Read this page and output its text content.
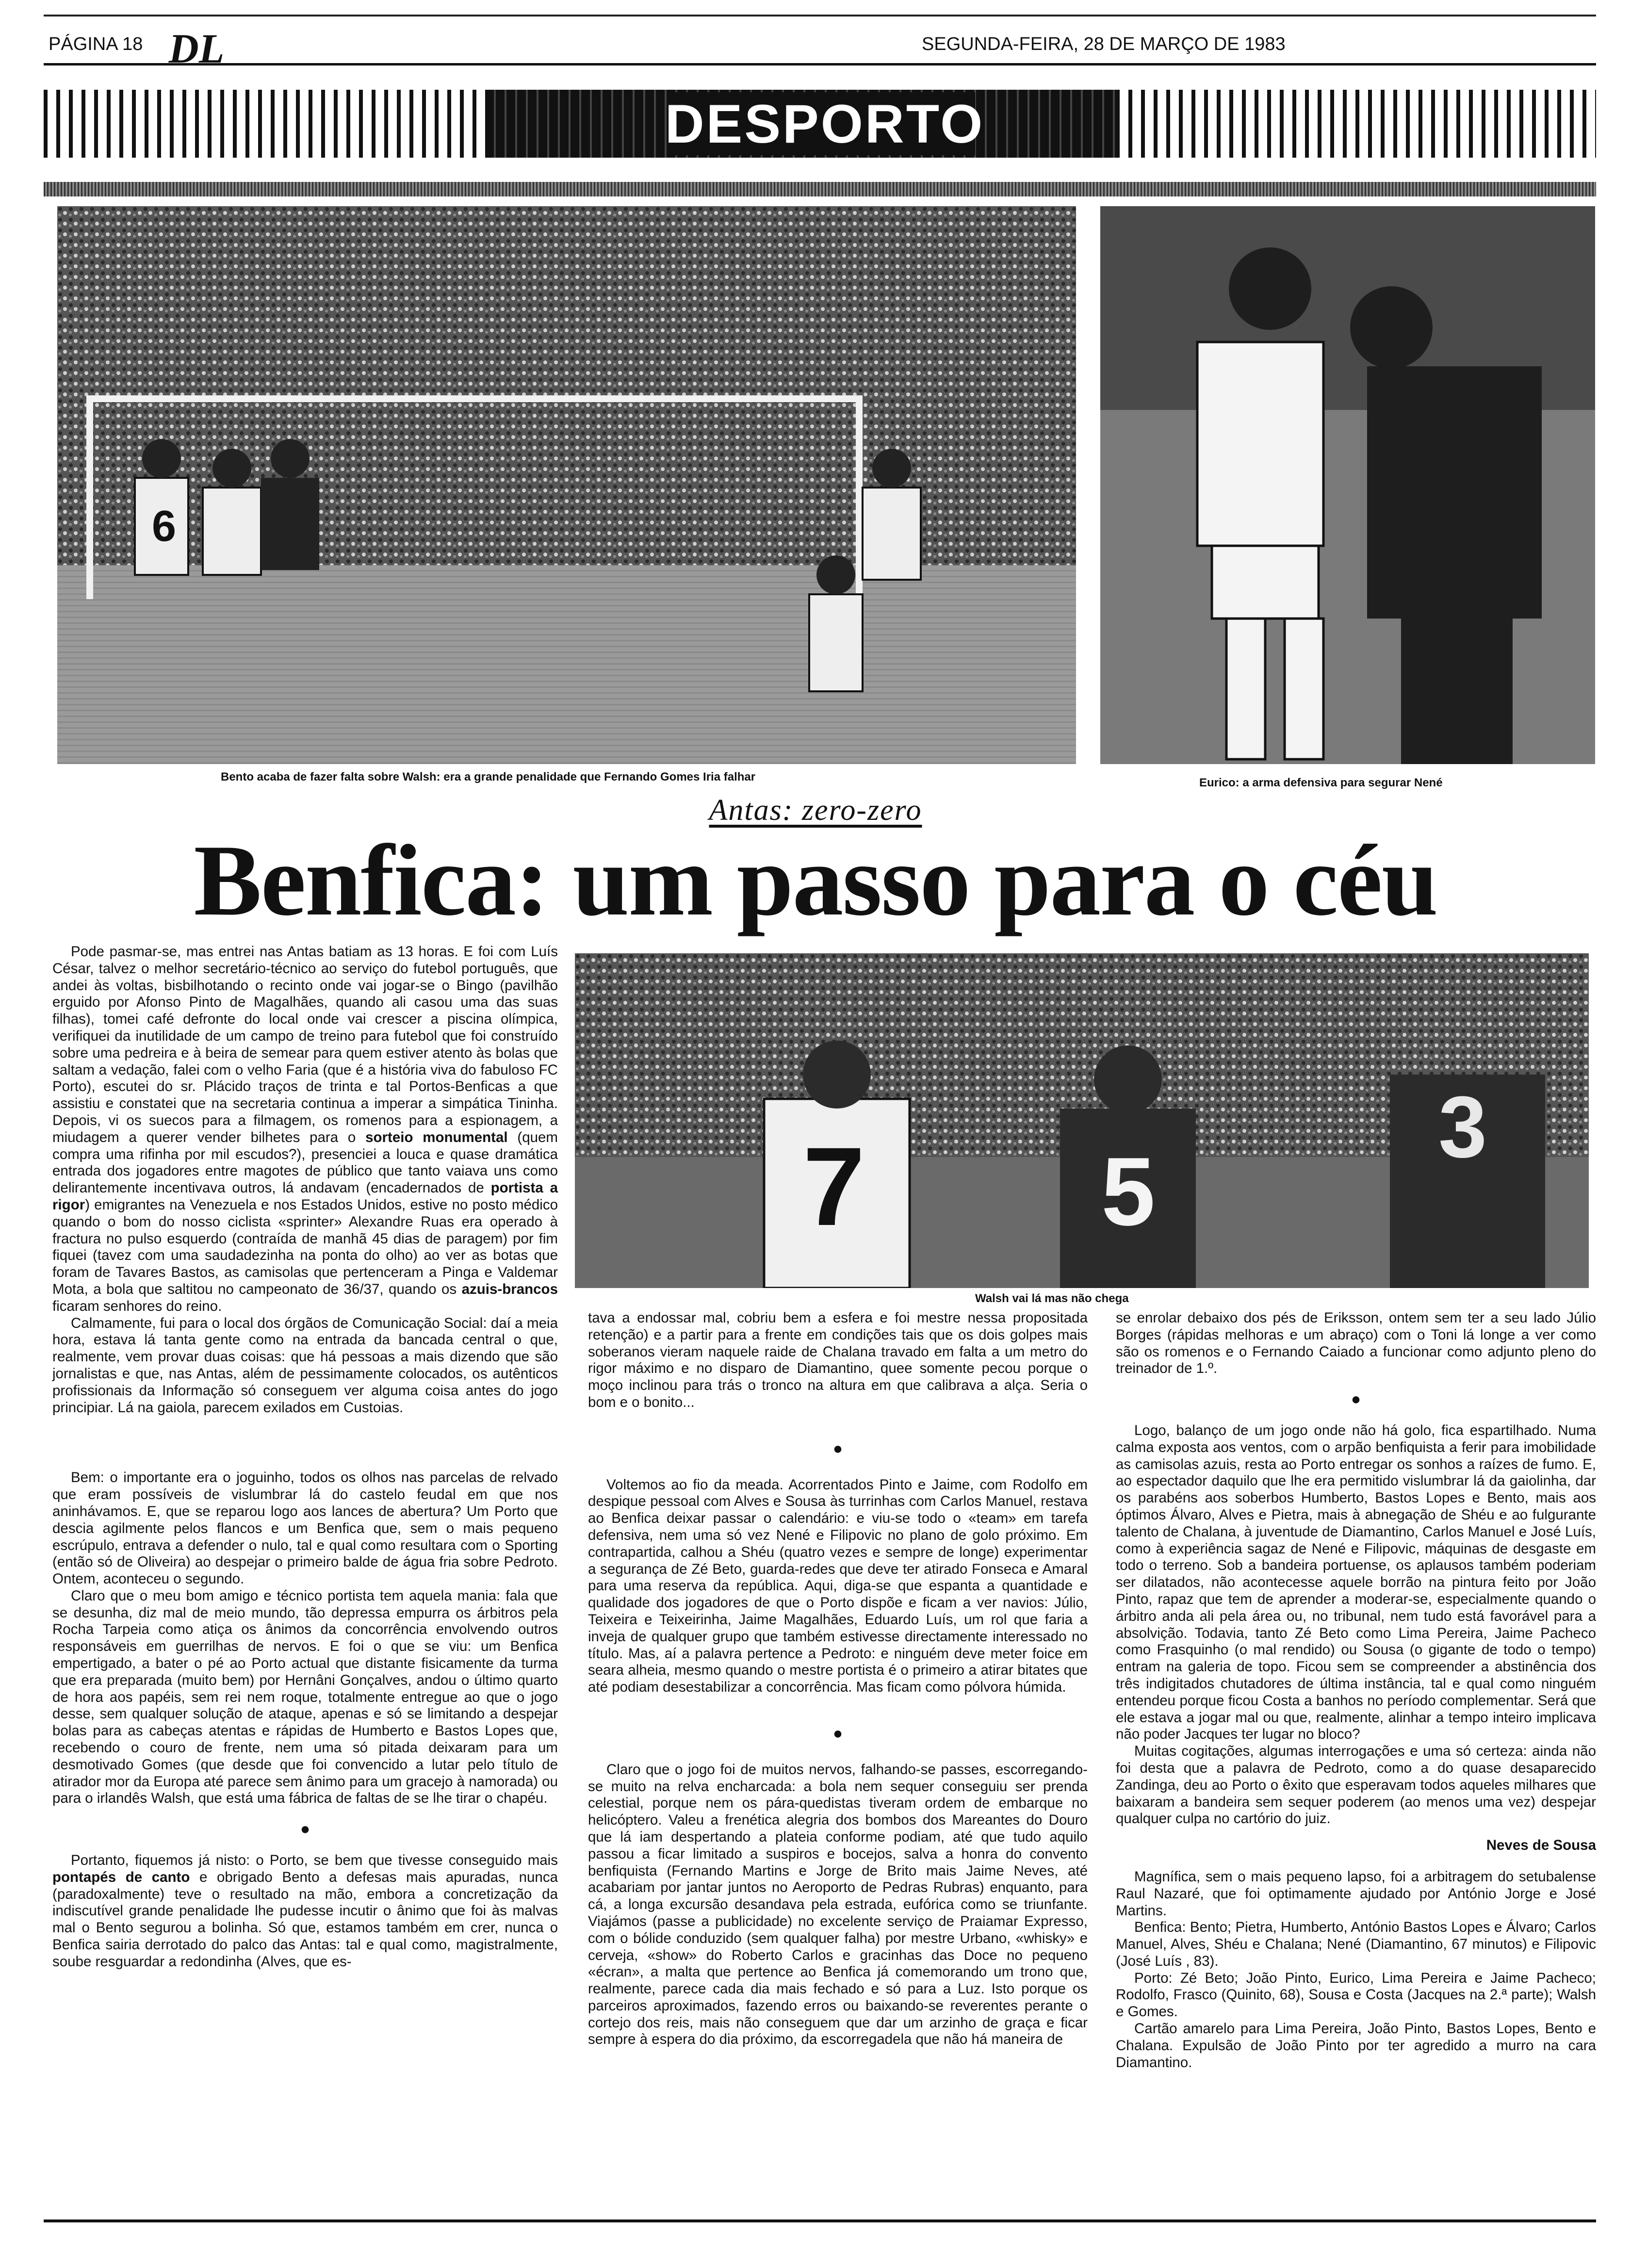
PÁGINA 18	SEGUNDA-FEIRA, 28 DE MARÇO DE 1983
DL
DESPORTO
6
Bento acaba de fazer falta sobre Walsh: era a grande penalidade que Fernando Gomes Iria falhar	Eurico: a arma defensiva para segurar Nené
Antas: zero-zero
Benfica: um passo para o céu
7 5
3
Walsh vai lá mas não chega

Pode pasmar-se, mas entrei nas Antas batiam as 13 horas. E foi com Luís César, talvez o melhor secretário-técnico ao serviço do futebol português, que andei às voltas, bisbilhotando o recinto onde vai jogar-se o Bingo (pavilhão erguido por Afonso Pinto de Magalhães, quando ali casou uma das suas filhas), tomei café defronte do local onde vai crescer a piscina olímpica, verifiquei da inutilidade de um campo de treino para futebol que foi construído sobre uma pedreira e à beira de semear para quem estiver atento às bolas que saltam a vedação, falei com o velho Faria (que é a história viva do fabuloso FC Porto), escutei do sr. Plácido traços de trinta e tal Portos-Benficas a que assistiu e constatei que na secretaria continua a imperar a simpática Tininha. Depois, vi os suecos para a filmagem, os romenos para a espionagem, a miudagem a querer vender bilhetes para o sorteio monumental (quem compra uma rifinha por mil escudos?), presenciei a louca e quase dramática entrada dos jogadores entre magotes de público que tanto vaiava uns como delirantemente incentivava outros, lá andavam (encadernados de portista a rigor) emigrantes na Venezuela e nos Estados Unidos, estive no posto médico quando o bom do nosso ciclista «sprinter» Alexandre Ruas era operado à fractura no pulso esquerdo (contraída de manhã 45 dias de paragem) por fim fiquei (tavez com uma saudadezinha na ponta do olho) ao ver as botas que foram de Tavares Bastos, as camisolas que pertenceram a Pinga e Valdemar Mota, a bola que saltitou no campeonato de 36/37, quando os azuis-brancos ficaram senhores do reino.

Calmamente, fui para o local dos órgãos de Comunicação Social: daí a meia hora, estava lá tanta gente como na entrada da bancada central o que, realmente, vem provar duas coisas: que há pessoas a mais dizendo que são jornalistas e que, nas Antas, além de pessimamente colocados, os autênticos profissionais da Informação só conseguem ver alguma coisa antes do jogo principiar. Lá na gaiola, parecem exilados em Custoias.

Bem: o importante era o joguinho, todos os olhos nas parcelas de relvado que eram possíveis de vislumbrar lá do castelo feudal em que nos aninhávamos. E, que se reparou logo aos lances de abertura? Um Porto que descia agilmente pelos flancos e um Benfica que, sem o mais pequeno escrúpulo, entrava a defender o nulo, tal e qual como resultara com o Sporting (então só de Oliveira) ao despejar o primeiro balde de água fria sobre Pedroto. Ontem, aconteceu o segundo.

Claro que o meu bom amigo e técnico portista tem aquela mania: fala que se desunha, diz mal de meio mundo, tão depressa empurra os árbitros pela Rocha Tarpeia como atiça os ânimos da concorrência envolvendo outros responsáveis em guerrilhas de nervos. E foi o que se viu: um Benfica empertigado, a bater o pé ao Porto actual que distante fisicamente da turma que era preparada (muito bem) por Hernâni Gonçalves, andou o último quarto de hora aos papéis, sem rei nem roque, totalmente entregue ao que o jogo desse, sem qualquer solução de ataque, apenas e só se limitando a despejar bolas para as cabeças atentas e rápidas de Humberto e Bastos Lopes que, recebendo o couro de frente, nem uma só pitada deixaram para um desmotivado Gomes (que desde que foi convencido a lutar pelo título de atirador mor da Europa até parece sem ânimo para um gracejo à namorada) ou para o irlandês Walsh, que está uma fábrica de faltas de se lhe tirar o chapéu.

●

Portanto, fiquemos já nisto: o Porto, se bem que tivesse conseguido mais pontapés de canto e obrigado Bento a defesas mais apuradas, nunca (paradoxalmente) teve o resultado na mão, embora a concretização da indiscutível grande penalidade lhe pudesse incutir o ânimo que foi às malvas mal o Bento segurou a bolinha. Só que, estamos também em crer, nunca o Benfica sairia derrotado do palco das Antas: tal e qual como, magistralmente, soube resguardar a redondinha (Alves, que es-

tava a endossar mal, cobriu bem a esfera e foi mestre nessa propositada retenção) e a partir para a frente em condições tais que os dois golpes mais soberanos vieram naquele raide de Chalana travado em falta a um metro do rigor máximo e no disparo de Diamantino, quee somente pecou porque o moço inclinou para trás o tronco na altura em que calibrava a alça. Seria o bom e o bonito...

●

Voltemos ao fio da meada. Acorrentados Pinto e Jaime, com Rodolfo em despique pessoal com Alves e Sousa às turrinhas com Carlos Manuel, restava ao Benfica deixar passar o calendário: e viu-se todo o «team» em tarefa defensiva, nem uma só vez Nené e Filipovic no plano de golo próximo. Em contrapartida, calhou a Shéu (quatro vezes e sempre de longe) experimentar a segurança de Zé Beto, guarda-redes que deve ter atirado Fonseca e Amaral para uma reserva da república. Aqui, diga-se que espanta a quantidade e qualidade dos jogadores de que o Porto dispõe e ficam a ver navios: Júlio, Teixeira e Teixeirinha, Jaime Magalhães, Eduardo Luís, um rol que faria a inveja de qualquer grupo que também estivesse directamente interessado no título. Mas, aí a palavra pertence a Pedroto: e ninguém deve meter foice em seara alheia, mesmo quando o mestre portista é o primeiro a atirar bitates que até podiam desestabilizar a concorrência. Mas ficam como pólvora húmida.

●

Claro que o jogo foi de muitos nervos, falhando-se passes, escorregando-se muito na relva encharcada: a bola nem sequer conseguiu ser prenda celestial, porque nem os pára-quedistas tiveram ordem de embarque no helicóptero. Valeu a frenética alegria dos bombos dos Mareantes do Douro que lá iam despertando a plateia conforme podiam, até que tudo aquilo passou a ficar limitado a suspiros e bocejos, salva a honra do convento benfiquista (Fernando Martins e Jorge de Brito mais Jaime Neves, até acabariam por jantar juntos no Aeroporto de Pedras Rubras) enquanto, para cá, a longa excursão desandava pela estrada, eufórica como se triunfante. Viajámos (passe a publicidade) no excelente serviço de Praiamar Expresso, com o bólide conduzido (sem qualquer falha) por mestre Urbano, «whisky» e cerveja, «show» do Roberto Carlos e gracinhas das Doce no pequeno «écran», a malta que pertence ao Benfica já comemorando um trono que, realmente, parece cada dia mais fechado e só para a Luz. Isto porque os parceiros aproximados, fazendo erros ou baixando-se reverentes perante o cortejo dos reis, mais não conseguem que dar um arzinho de graça e ficar sempre à espera do dia próximo, da escorregadela que não há maneira de

se enrolar debaixo dos pés de Eriksson, ontem sem ter a seu lado Júlio Borges (rápidas melhoras e um abraço) com o Toni lá longe a ver como são os romenos e o Fernando Caiado a funcionar como adjunto pleno do treinador de 1.º.

●

Logo, balanço de um jogo onde não há golo, fica espartilhado. Numa calma exposta aos ventos, com o arpão benfiquista a ferir para imobilidade as camisolas azuis, resta ao Porto entregar os sonhos a raízes de fumo. E, ao espectador daquilo que lhe era permitido vislumbrar lá da gaiolinha, dar os parabéns aos soberbos Humberto, Bastos Lopes e Bento, mais aos óptimos Álvaro, Alves e Pietra, mais à abnegação de Shéu e ao fulgurante talento de Chalana, à juventude de Diamantino, Carlos Manuel e José Luís, como à experiência sagaz de Nené e Filipovic, máquinas de desgaste em todo o terreno. Sob a bandeira portuense, os aplausos também poderiam ser dilatados, não acontecesse aquele borrão na pintura feito por João Pinto, rapaz que tem de aprender a moderar-se, especialmente quando o árbitro anda ali pela área ou, no tribunal, nem tudo está favorável para a absolvição. Todavia, tanto Zé Beto como Lima Pereira, Jaime Pacheco como Frasquinho (o mal rendido) ou Sousa (o gigante de todo o tempo) entram na galeria de topo. Ficou sem se compreender a abstinência dos três indigitados chutadores de última instância, tal e qual como ninguém entendeu porque ficou Costa a banhos no período complementar. Será que ele estava a jogar mal ou que, realmente, alinhar a tempo inteiro implicava não poder Jacques ter lugar no bloco?

Muitas cogitações, algumas interrogações e uma só certeza: ainda não foi desta que a palavra de Pedroto, como a do quase desaparecido Zandinga, deu ao Porto o êxito que esperavam todos aqueles milhares que baixaram a bandeira sem sequer poderem (ao menos uma vez) despejar qualquer culpa no cartório do juiz.

Neves de Sousa

Magnífica, sem o mais pequeno lapso, foi a arbitragem do setubalense Raul Nazaré, que foi optimamente ajudado por António Jorge e José Martins.

Benfica: Bento; Pietra, Humberto, António Bastos Lopes e Álvaro; Carlos Manuel, Alves, Shéu e Chalana; Nené (Diamantino, 67 minutos) e Filipovic (José Luís , 83).

Porto: Zé Beto; João Pinto, Eurico, Lima Pereira e Jaime Pacheco; Rodolfo, Frasco (Quinito, 68), Sousa e Costa (Jacques na 2.ª parte); Walsh e Gomes.

Cartão amarelo para Lima Pereira, João Pinto, Bastos Lopes, Bento e Chalana. Expulsão de João Pinto por ter agredido a murro na cara Diamantino.
